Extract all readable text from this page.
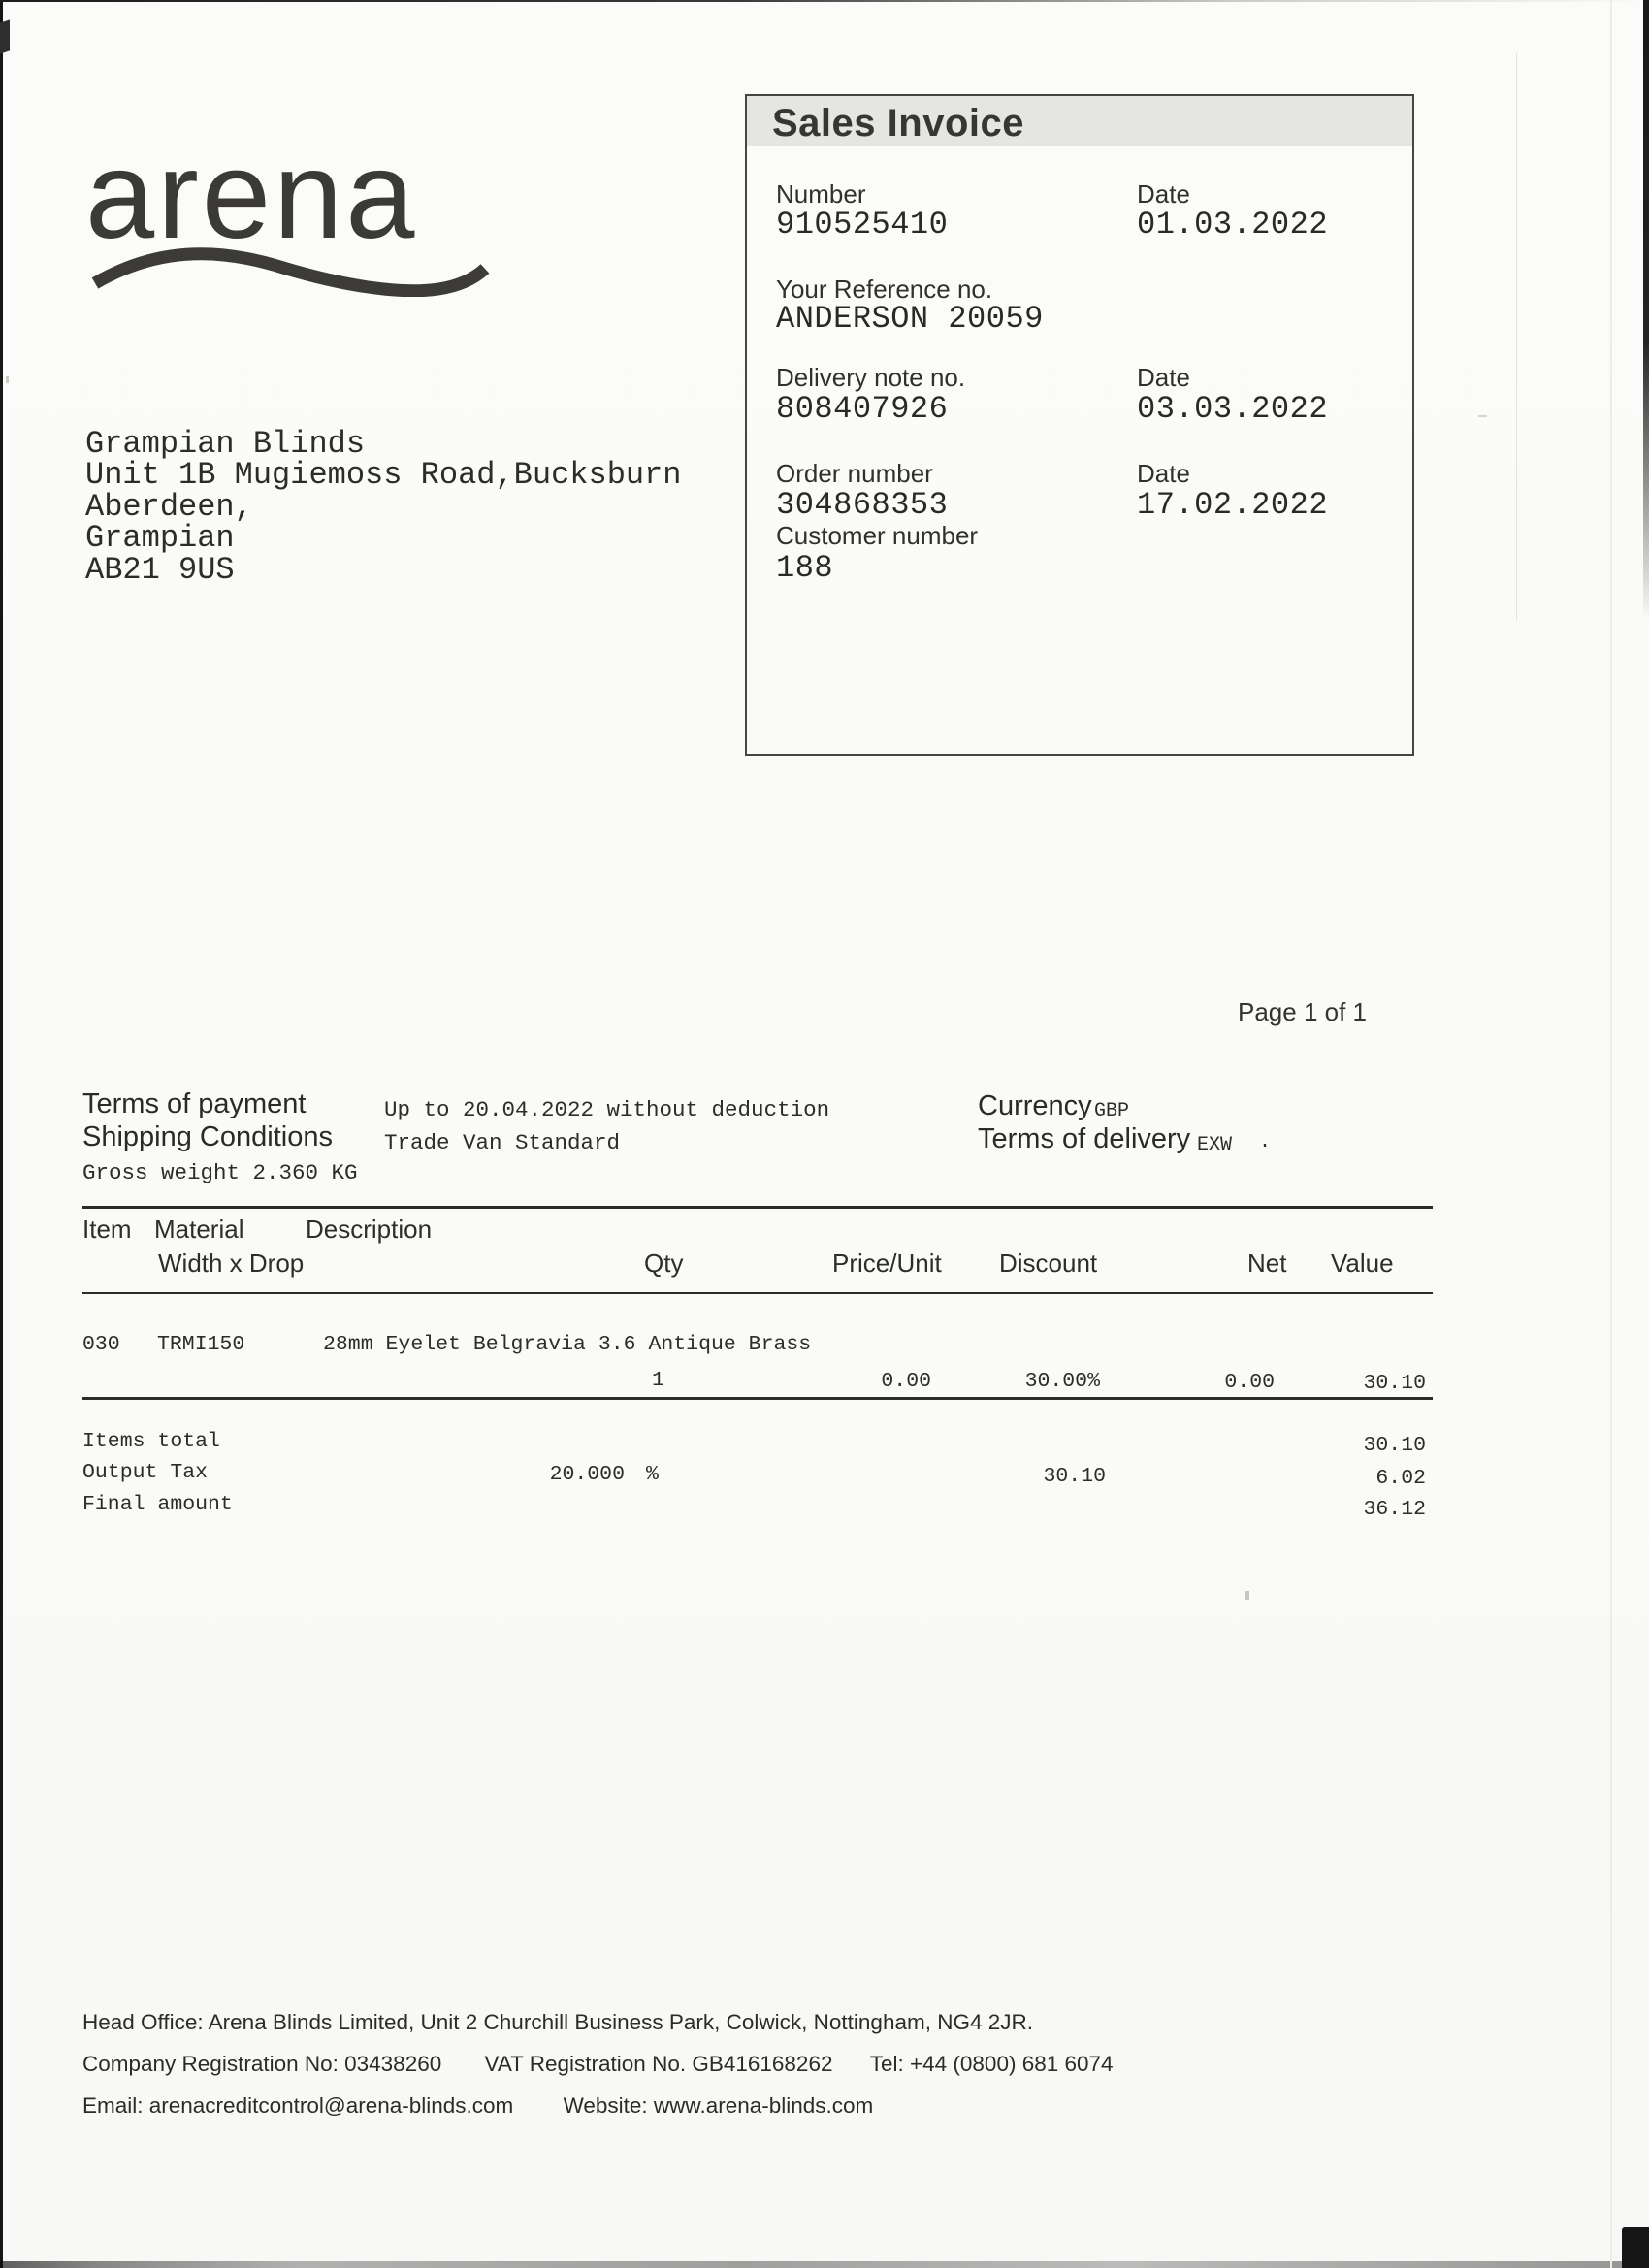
arena
Grampian Blinds
Unit 1B Mugiemoss Road,Bucksburn
Aberdeen,
Grampian
AB21 9US
Sales Invoice
Number
910525410
Date
01.03.2022
Your Reference no.
ANDERSON 20059
Delivery note no.
808407926
Date
03.03.2022
Order number
304868353
Date
17.02.2022
Customer number
188
Page 1 of 1
Terms of payment	Up to 20.04.2022 without deduction
Shipping Conditions Trade Van Standard
Gross weight 2.360 KG
Currency GBP
Terms of delivery EXW .
Item Material Description
Width x Drop	Qty	Price/Unit Discount	Net Value
030 TRMI150	28mm Eyelet Belgravia 3.6 Antique Brass
1	0.00	30.00%	0.00	30.10
Items total	30.10
Output Tax	20.000 %	30.10	6.02
Final amount	36.12
Head Office: Arena Blinds Limited, Unit 2 Churchill Business Park, Colwick, Nottingham, NG4 2JR.
Company Registration No: 03438260 VAT Registration No. GB416168262 Tel: +44 (0800) 681 6074
Email: arenacreditcontrol@arena-blinds.com Website: www.arena-blinds.com
